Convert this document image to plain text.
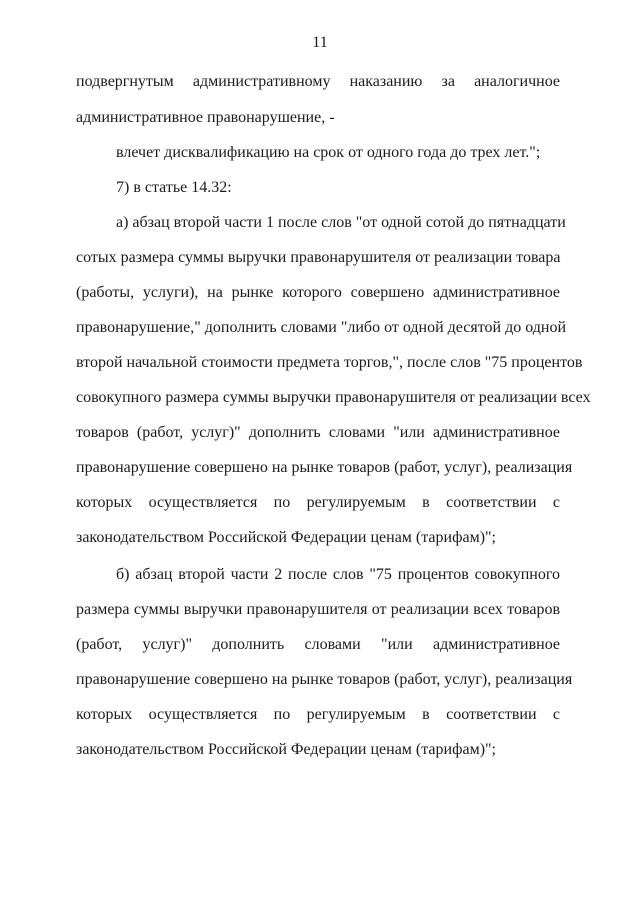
11
подвергнутым административному наказанию за аналогичное
административное правонарушение, -
влечет дисквалификацию на срок от одного года до трех лет.";
7) в статье 14.32:
а) абзац второй части 1 после слов "от одной сотой до пятнадцати
сотых размера суммы выручки правонарушителя от реализации товара
(работы, услуги), на рынке которого совершено административное
правонарушение," дополнить словами "либо от одной десятой до одной
второй начальной стоимости предмета торгов,", после слов "75 процентов
совокупного размера суммы выручки правонарушителя от реализации всех
товаров (работ, услуг)" дополнить словами "или административное
правонарушение совершено на рынке товаров (работ, услуг), реализация
которых осуществляется по регулируемым в соответствии с
законодательством Российской Федерации ценам (тарифам)";
б) абзац второй части 2 после слов "75 процентов совокупного
размера суммы выручки правонарушителя от реализации всех товаров
(работ, услуг)" дополнить словами "или административное
правонарушение совершено на рынке товаров (работ, услуг), реализация
которых осуществляется по регулируемым в соответствии с
законодательством Российской Федерации ценам (тарифам)";
